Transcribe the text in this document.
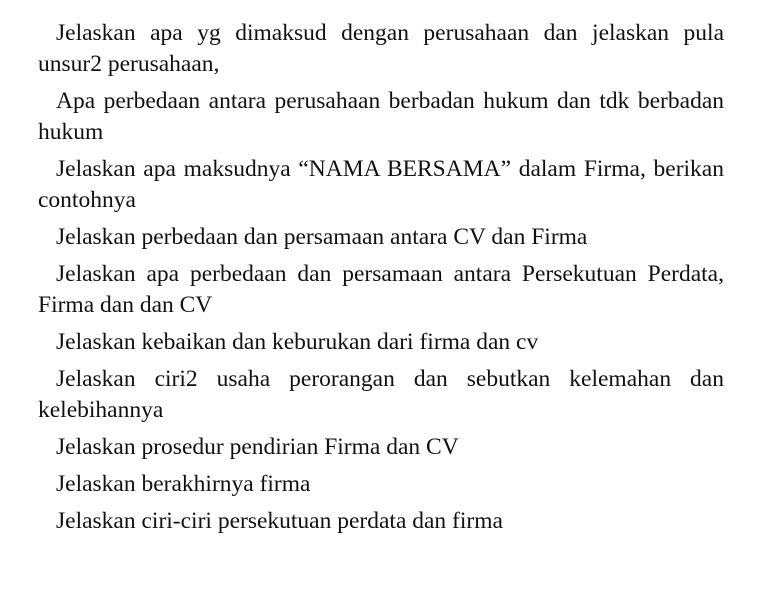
Jelaskan apa yg dimaksud dengan perusahaan dan jelaskan pula unsur2 perusahaan,
Apa perbedaan antara perusahaan berbadan hukum dan tdk berbadan hukum
Jelaskan apa maksudnya “NAMA BERSAMA” dalam Firma, berikan contohnya
Jelaskan perbedaan dan persamaan antara CV dan Firma
Jelaskan apa perbedaan dan persamaan antara Persekutuan Perdata, Firma dan dan CV
Jelaskan kebaikan dan keburukan dari firma dan cv
Jelaskan ciri2 usaha perorangan dan sebutkan kelemahan dan kelebihannya
Jelaskan prosedur pendirian Firma dan CV
Jelaskan berakhirnya firma
Jelaskan ciri-ciri persekutuan perdata dan firma
